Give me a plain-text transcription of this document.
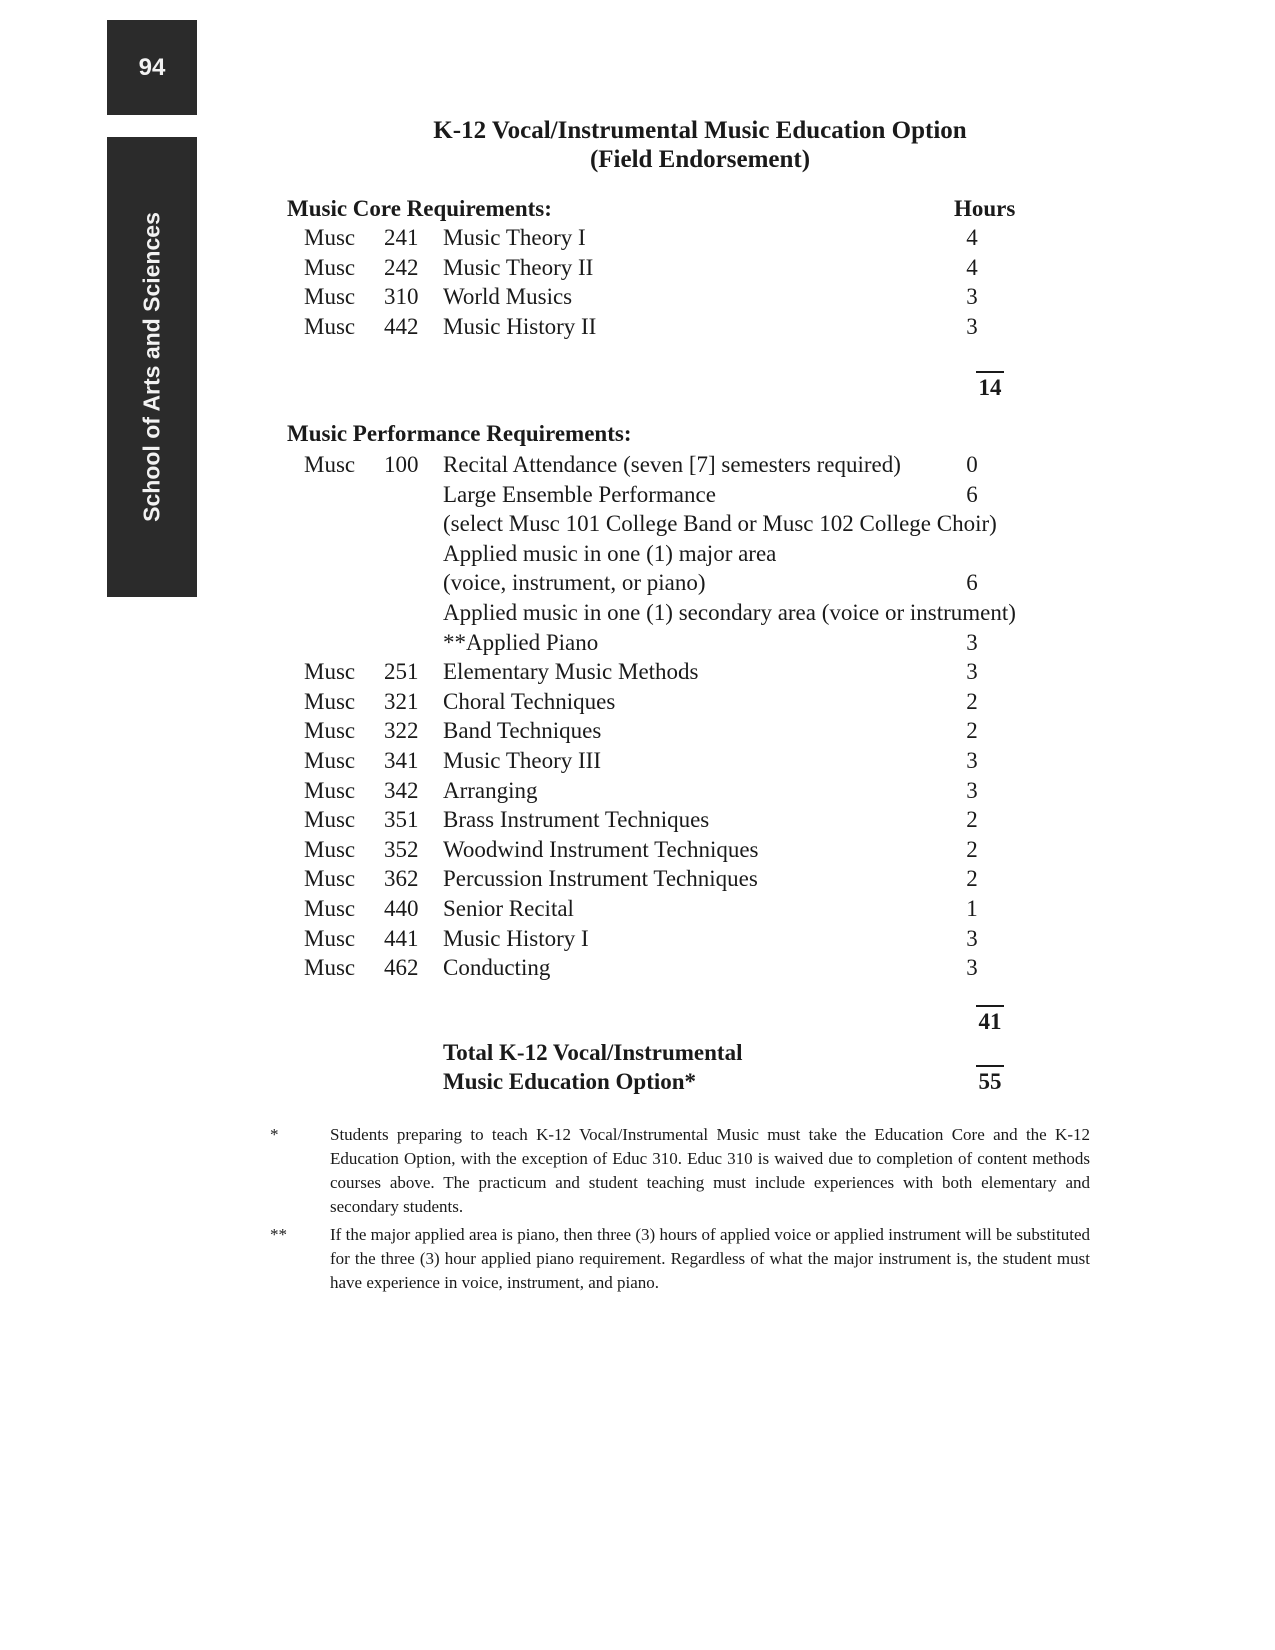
94
School of Arts and Sciences
K-12 Vocal/Instrumental Music Education Option
(Field Endorsement)
Music Core Requirements:	Hours
Musc 241 Music Theory I	4
Musc 242 Music Theory II	4
Musc 310 World Musics	3
Musc 442 Music History II	3
14
Music Performance Requirements:
Musc 100 Recital Attendance (seven [7] semesters required)	0
Large Ensemble Performance	6
(select Musc 101 College Band or Musc 102 College Choir)
Applied music in one (1) major area
(voice, instrument, or piano)	6
Applied music in one (1) secondary area (voice or instrument)
**Applied Piano	3
Musc 251 Elementary Music Methods	3
Musc 321 Choral Techniques	2
Musc 322 Band Techniques	2
Musc 341 Music Theory III	3
Musc 342 Arranging	3
Musc 351 Brass Instrument Techniques	2
Musc 352 Woodwind Instrument Techniques	2
Musc 362 Percussion Instrument Techniques	2
Musc 440 Senior Recital	1
Musc 441 Music History I	3
Musc 462 Conducting	3
41
Total K-12 Vocal/Instrumental
Music Education Option*	55
*	Students preparing to teach K-12 Vocal/Instrumental Music must take the Education Core and the K-12 Education Option, with the exception of Educ 310. Educ 310 is waived due to completion of content methods courses above. The practicum and student teaching must include experiences with both elementary and secondary students.
**	If the major applied area is piano, then three (3) hours of applied voice or applied instrument will be substituted for the three (3) hour applied piano requirement. Regardless of what the major instrument is, the student must have experience in voice, instrument, and piano.
